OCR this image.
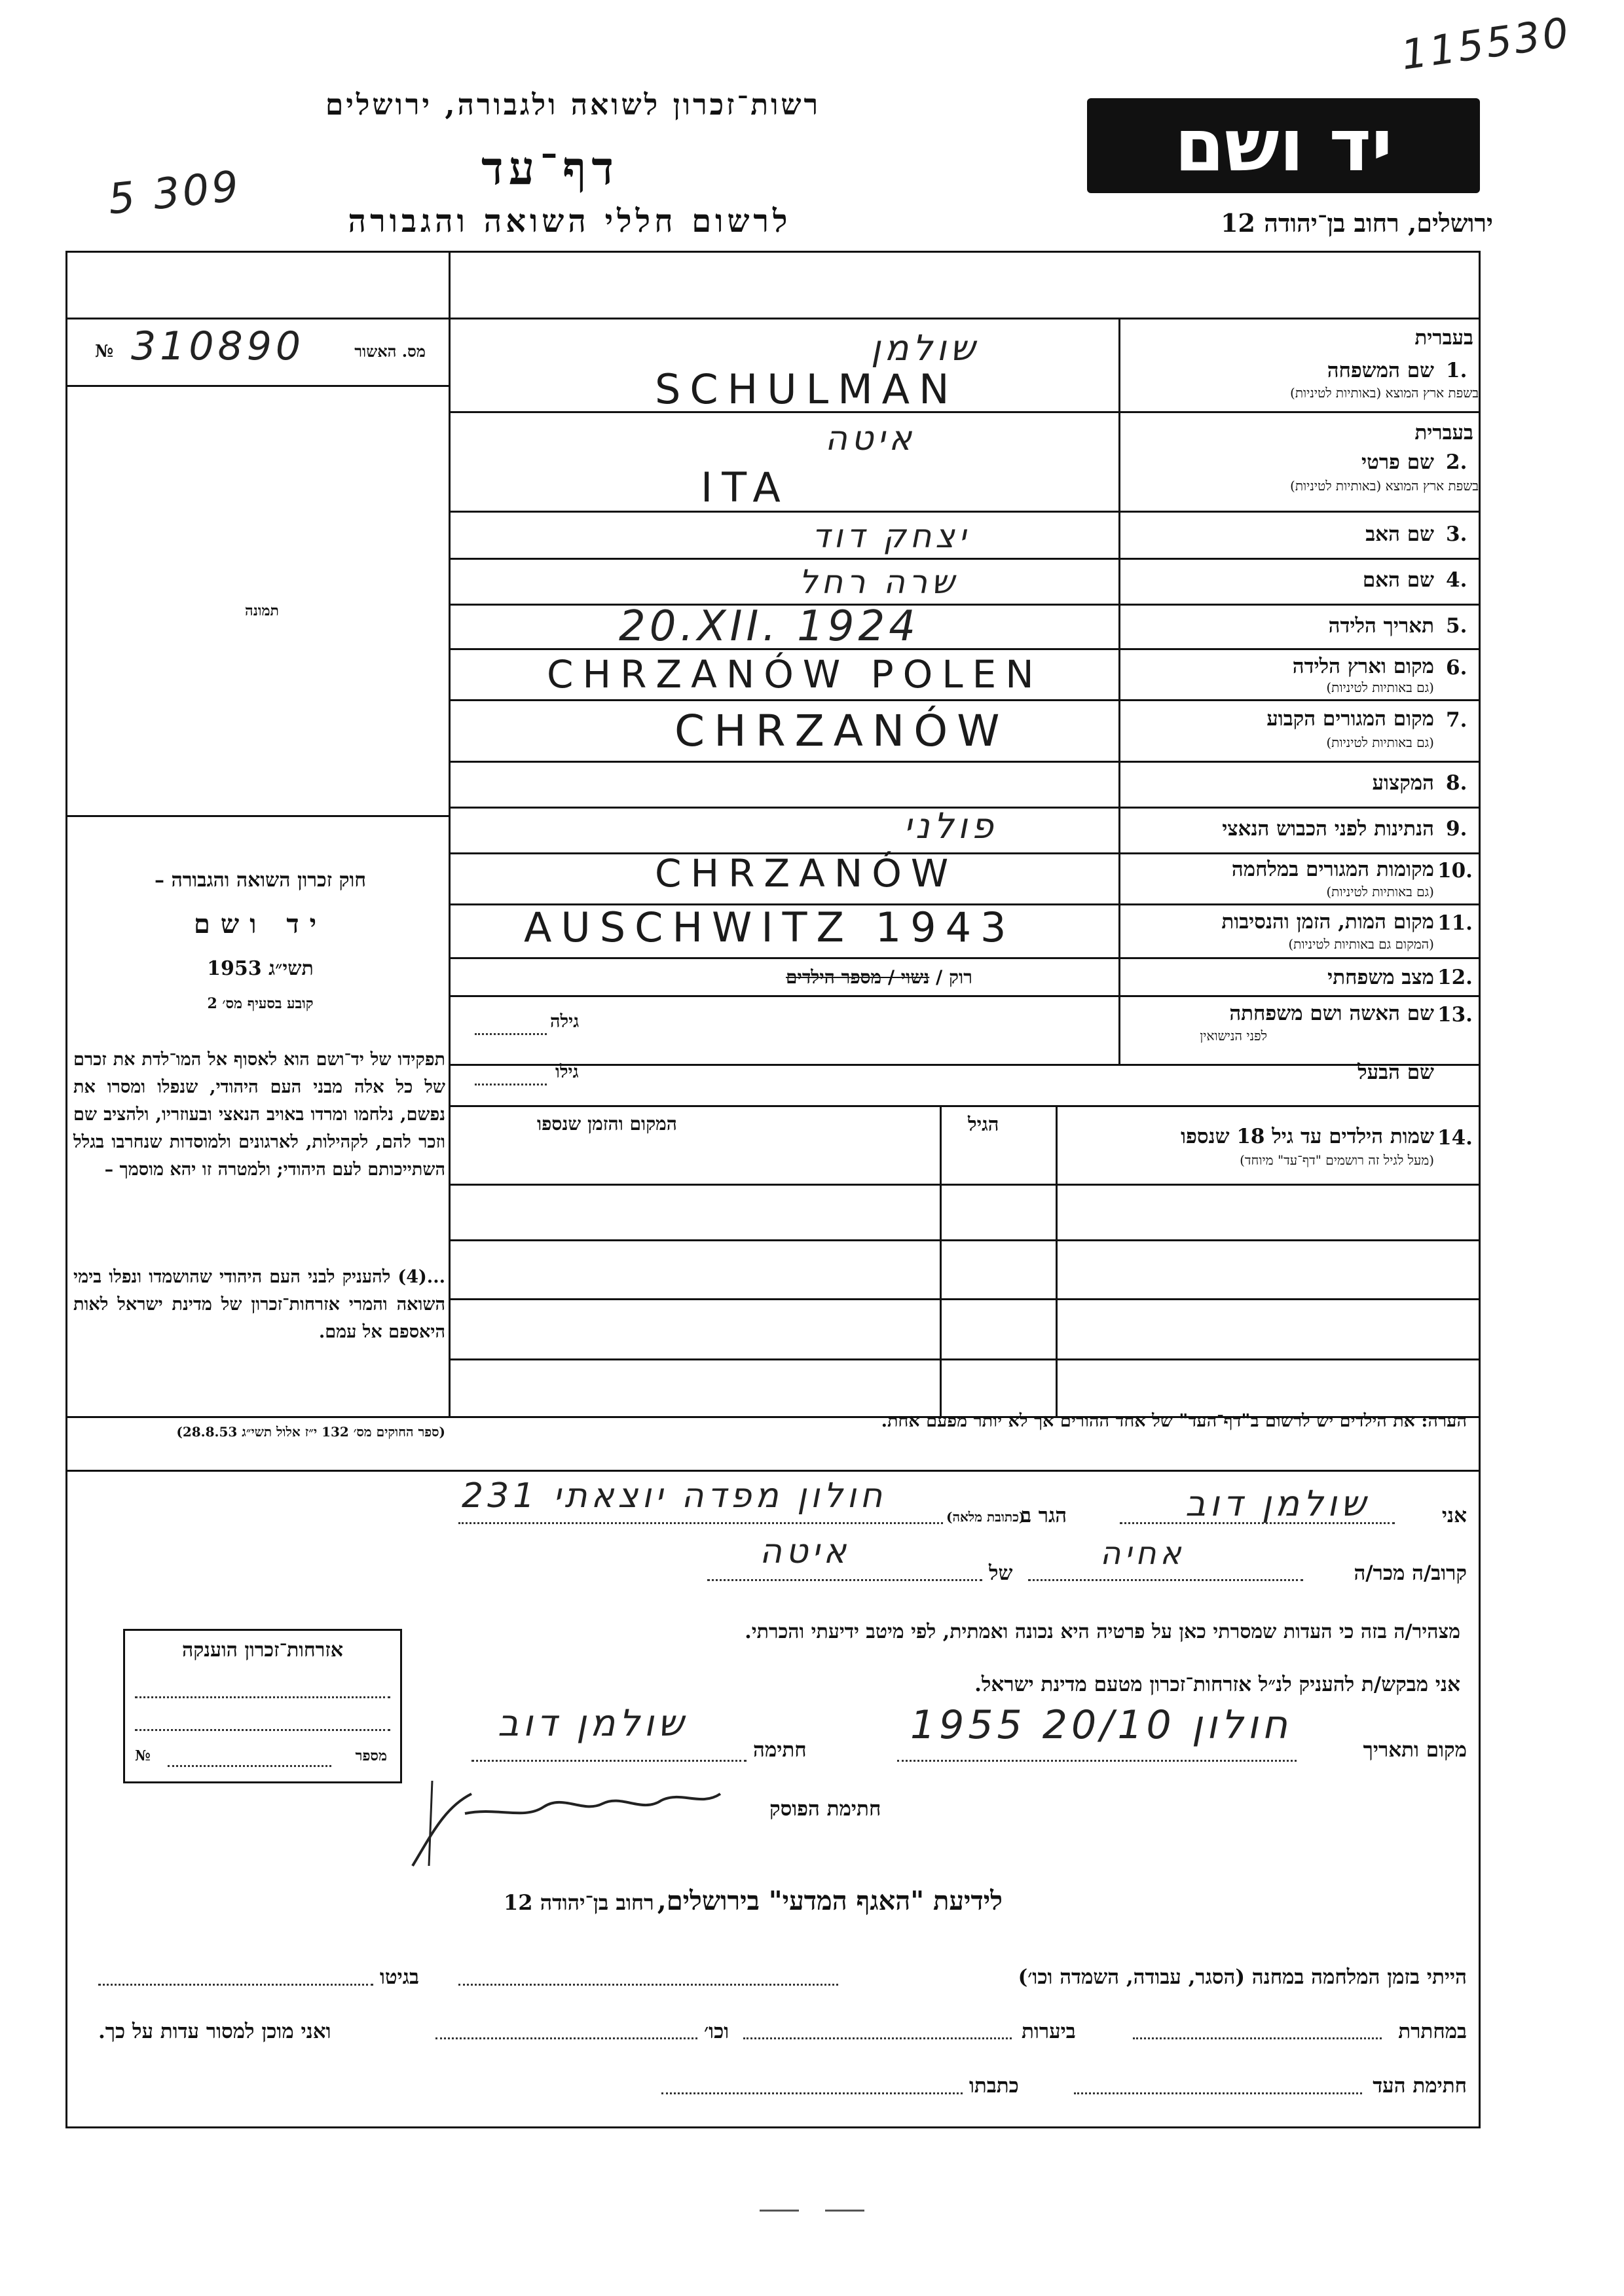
115530
5 309
רשות־זכרון לשואה ולגבורה, ירושלים
דף־עד
לרשום חללי השואה והגבורה
יד ושם
ירושלים, רחוב בן־יהודה 12
№ 310890	מס. האשור
תמונה
בעברית
1.
שם המשפחה
בשפת ארץ המוצא (באותיות לטיניות)
בעברית
2.
שם פרטי
בשפת ארץ המוצא (באותיות לטיניות)
3.
שם האב
4.
שם האם
5.
תאריך הלידה
6.
מקום וארץ הלידה
(גם באותיות לטיניות)
7.
מקום המגורים הקבוע
(גם באותיות לטיניות)
8.
המקצוע
9.
הנתינות לפני הכבוש הנאצי
10.
מקומות המגורים במלחמה
(גם באותיות לטיניות)
11.
מקום המות, הזמן והנסיבות
(המקום גם באותיות לטיניות)
12.
מצב משפחתי
13.
שם האשה ושם משפחתה
לפני הנישואין
שם הבעל
14.
שמות הילדים עד גיל 18 שנספו
(מעל לגיל זה רושמים "דף־עד" מיוחד)
הגיל
המקום והזמן שנספו
שולמן
SCHULMAN
איטה
ITA
יצחק דוד
שרה רחל
20.XII. 1924
CHRZANÓW POLEN
CHRZANÓW
פולני
CHRZANÓW
AUSCHWITZ 1943
רוק / נשוי / מספר הילדים
גילה
גילו
חוק זכרון השואה והגבורה –
יד ושם
תשי״ג 1953
קובע בסעיף מס׳ 2
תפקידו של יד־ושם הוא לאסוף אל המו־לדת את זכרם של כל אלה מבני העם היהודי, שנפלו ומסרו את נפשם, נלחמו ומרדו באויב הנאצי ובעוזריו, ולהציב שם וזכר להם, לקהילות, לארגונים ולמוסדות שנחרבו בגלל השתייכותם לעם היהודי; ולמטרה זו יהא מוסמך –
...(4) להעניק לבני העם היהודי שהושמדו ונפלו בימי השואה והמרי אזרחות־זכרון של מדינת ישראל לאות היאספם אל עמם.
(ספר החוקים מס׳ 132 י״ז אלול תשי״ג 28.8.53)
הערה: את הילדים יש לרשום ב"דף־העד" של אחד ההורים אך לא יותר מפעם אחת.
אני
שולמן דוב
הגר ב
(כתובת מלאה)
חולון מפדה יוצאתי 231
קרוב/ה מכר/ה
אחיה
של
איטה
מצהיר/ה בזה כי העדות שמסרתי כאן על פרטיה היא נכונה ואמתית, לפי מיטב ידיעתי והכרתי.
אני מבקש/ת להעניק לנ״ל אזרחות־זכרון מטעם מדינת ישראל.
מקום ותאריך
חולון 20/10 1955
חתימה
שולמן דוב
חתימת הפוסק
אזרחות־זכרון הוענקה
מספר
№
לידיעת "האגף המדעי" בירושלים, רחוב בן־יהודה 12
הייתי בזמן המלחמה במחנה (הסגר, עבודה, השמדה וכו׳)
בגיטו
במחתרת
ביערות
וכו׳
ואני מוכן למסור עדות על כך.
חתימת העד
כתבתו
